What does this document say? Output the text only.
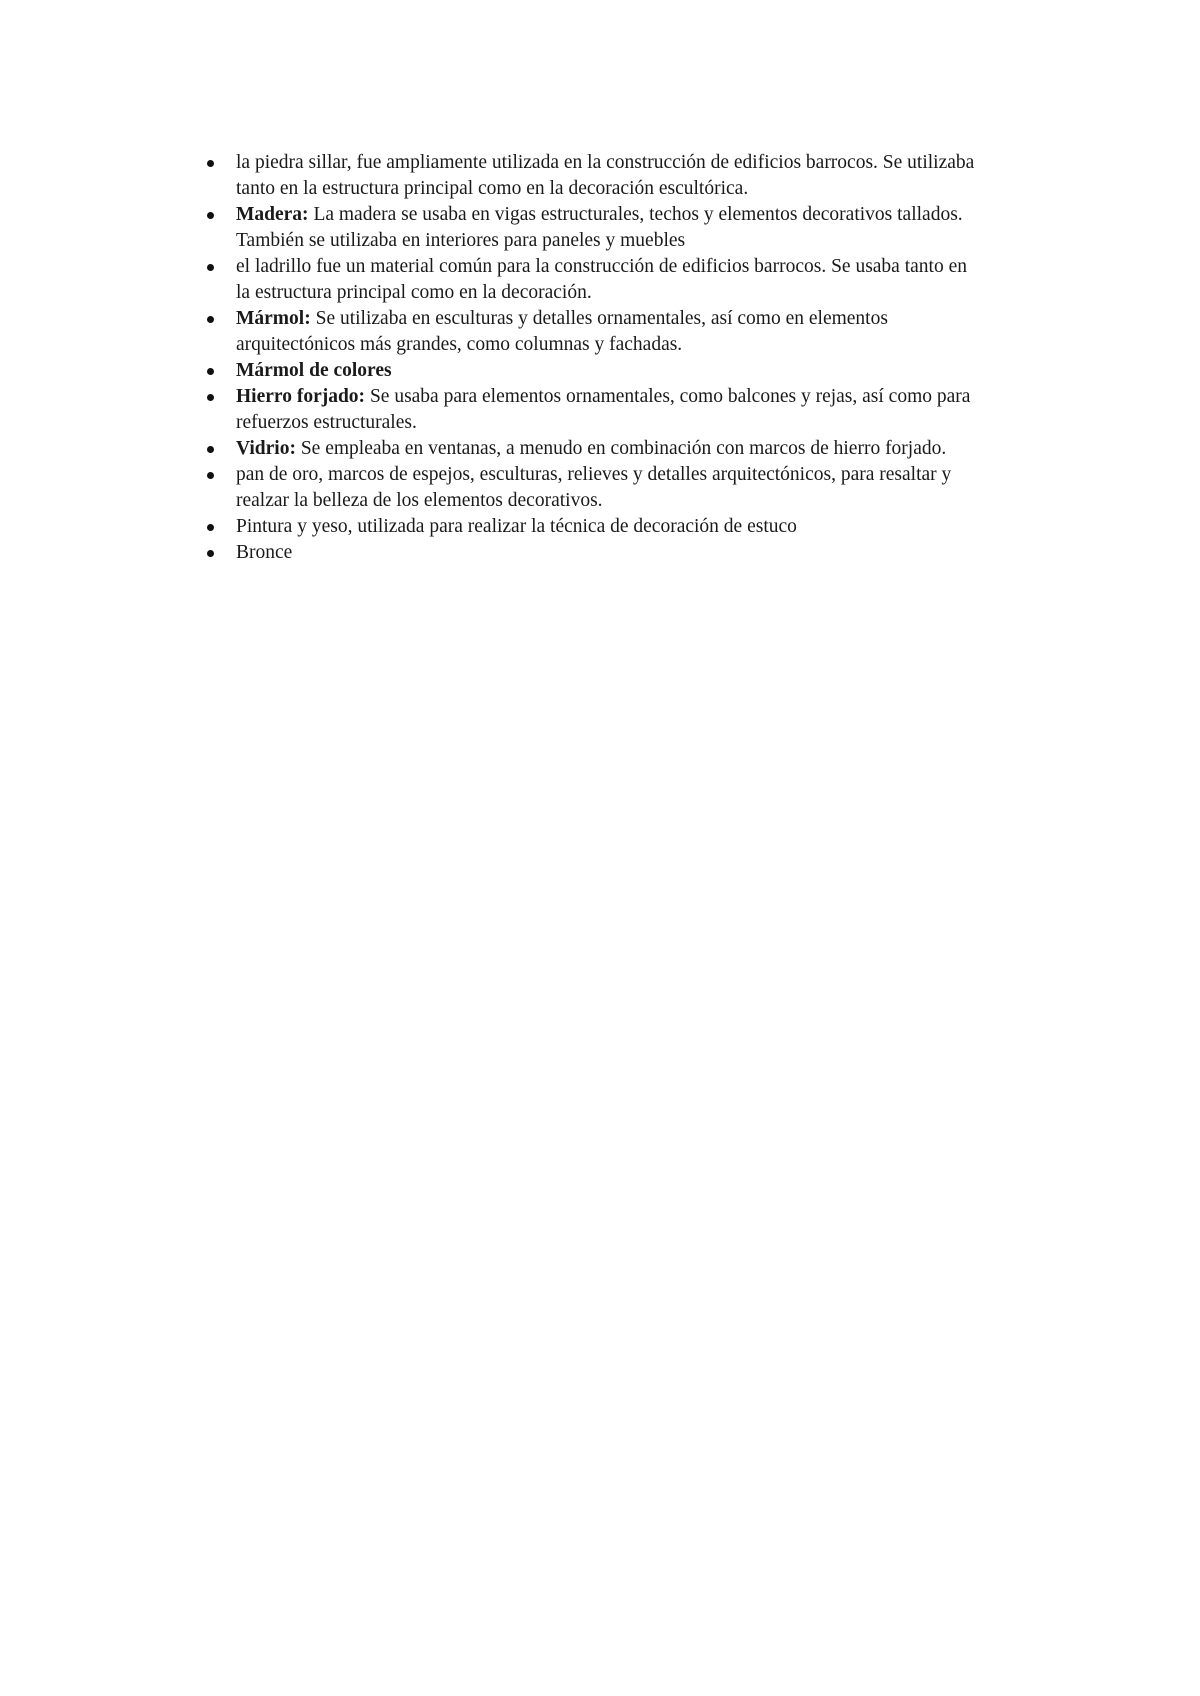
la piedra sillar, fue ampliamente utilizada en la construcción de edificios barrocos. Se utilizaba tanto en la estructura principal como en la decoración escultórica.
Madera: La madera se usaba en vigas estructurales, techos y elementos decorativos tallados. También se utilizaba en interiores para paneles y muebles
el ladrillo fue un material común para la construcción de edificios barrocos. Se usaba tanto en la estructura principal como en la decoración.
Mármol: Se utilizaba en esculturas y detalles ornamentales, así como en elementos arquitectónicos más grandes, como columnas y fachadas.
Mármol de colores
Hierro forjado: Se usaba para elementos ornamentales, como balcones y rejas, así como para refuerzos estructurales.
Vidrio: Se empleaba en ventanas, a menudo en combinación con marcos de hierro forjado.
pan de oro, marcos de espejos, esculturas, relieves y detalles arquitectónicos, para resaltar y realzar la belleza de los elementos decorativos.
Pintura y yeso, utilizada para realizar la técnica de decoración de estuco
Bronce
